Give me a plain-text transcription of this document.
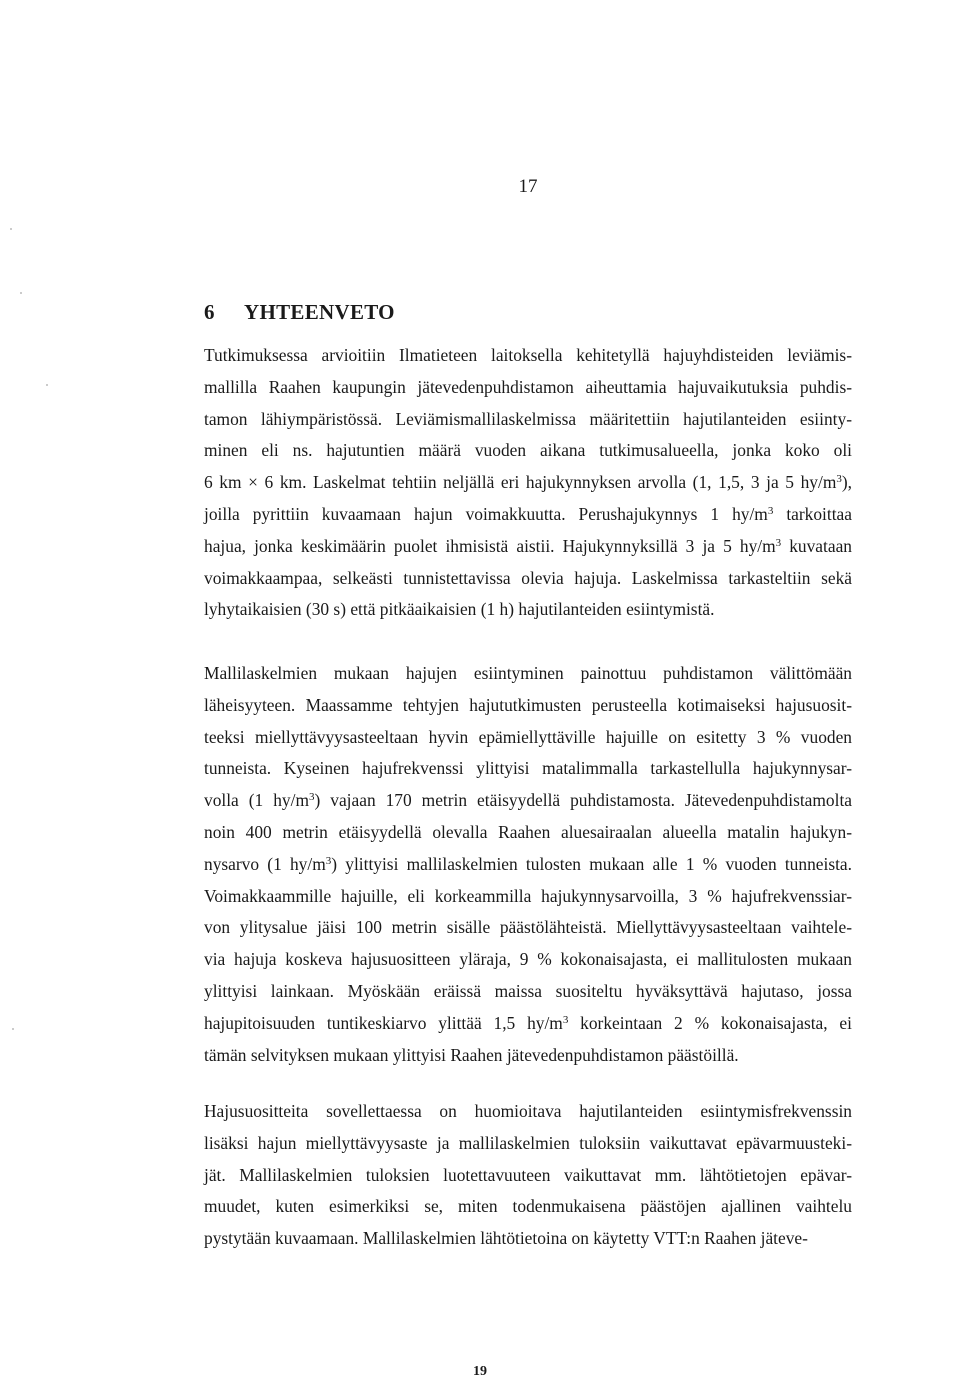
17
6 YHTEENVETO
Tutkimuksessa arvioitiin Ilmatieteen laitoksella kehitetyllä hajuyhdisteiden leviämis-
mallilla Raahen kaupungin jätevedenpuhdistamon aiheuttamia hajuvaikutuksia puhdis-
tamon lähiympäristössä. Leviämismallilaskelmissa määritettiin hajutilanteiden esiinty-
minen eli ns. hajutuntien määrä vuoden aikana tutkimusalueella, jonka koko oli
6 km × 6 km. Laskelmat tehtiin neljällä eri hajukynnyksen arvolla (1, 1,5, 3 ja 5 $hy/m^3$),
joilla pyrittiin kuvaamaan hajun voimakkuutta. Perushajukynnys 1 $hy/m^3$ tarkoittaa
hajua, jonka keskimäärin puolet ihmisistä aistii. Hajukynnyksillä 3 ja 5 $hy/m^3$ kuvataan
voimakkaampaa, selkeästi tunnistettavissa olevia hajuja. Laskelmissa tarkasteltiin sekä
lyhytaikaisien (30 s) että pitkäaikaisien (1 h) hajutilanteiden esiintymistä.
Mallilaskelmien mukaan hajujen esiintyminen painottuu puhdistamon välittömään
läheisyyteen. Maassamme tehtyjen hajututkimusten perusteella kotimaiseksi hajusuosit-
teeksi miellyttävyysasteeltaan hyvin epämiellyttäville hajuille on esitetty 3 % vuoden
tunneista. Kyseinen hajufrekvenssi ylittyisi matalimmalla tarkastellulla hajukynnysar-
volla (1 $hy/m^3$) vajaan 170 metrin etäisyydellä puhdistamosta. Jätevedenpuhdistamolta
noin 400 metrin etäisyydellä olevalla Raahen aluesairaalan alueella matalin hajukyn-
nysarvo (1 $hy/m^3$) ylittyisi mallilaskelmien tulosten mukaan alle 1 % vuoden tunneista.
Voimakkaammille hajuille, eli korkeammilla hajukynnysarvoilla, 3 % hajufrekvenssiar-
von ylitysalue jäisi 100 metrin sisälle päästölähteistä. Miellyttävyysasteeltaan vaihtele-
via hajuja koskeva hajusuositteen yläraja, 9 % kokonaisajasta, ei mallitulosten mukaan
ylittyisi lainkaan. Myöskään eräissä maissa suositeltu hyväksyttävä hajutaso, jossa
hajupitoisuuden tuntikeskiarvo ylittää 1,5 $hy/m^3$ korkeintaan 2 % kokonaisajasta, ei
tämän selvityksen mukaan ylittyisi Raahen jätevedenpuhdistamon päästöillä.
Hajusuositteita sovellettaessa on huomioitava hajutilanteiden esiintymisfrekvenssin
lisäksi hajun miellyttävyysaste ja mallilaskelmien tuloksiin vaikuttavat epävarmuusteki-
jät. Mallilaskelmien tuloksien luotettavuuteen vaikuttavat mm. lähtötietojen epävar-
muudet, kuten esimerkiksi se, miten todenmukaisena päästöjen ajallinen vaihtelu
pystytään kuvaamaan. Mallilaskelmien lähtötietoina on käytetty VTT:n Raahen jäteve-
19
